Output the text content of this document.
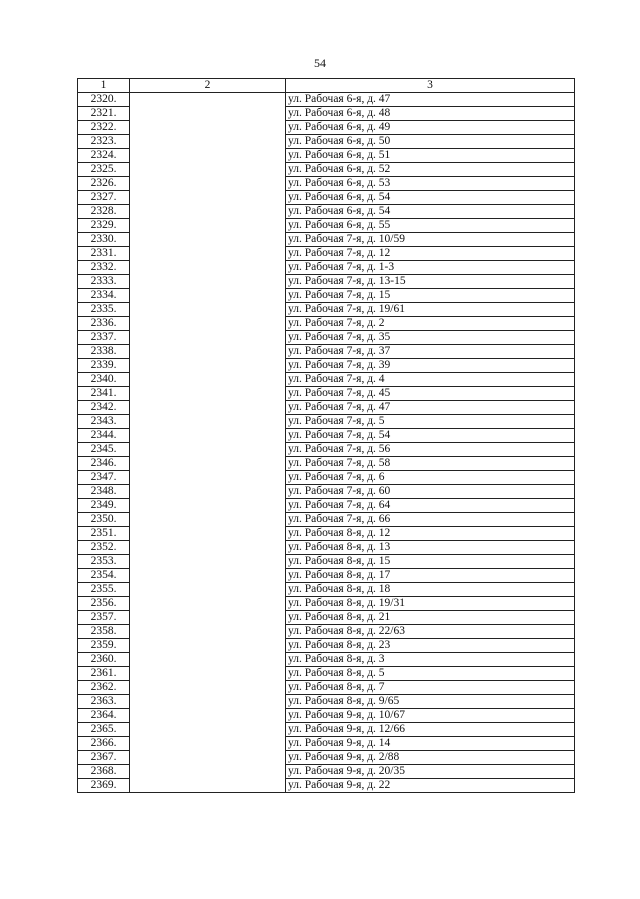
54
1	2	3
2320.		ул. Рабочая 6-я, д. 47
2321.		ул. Рабочая 6-я, д. 48
2322.		ул. Рабочая 6-я, д. 49
2323.		ул. Рабочая 6-я, д. 50
2324.		ул. Рабочая 6-я, д. 51
2325.		ул. Рабочая 6-я, д. 52
2326.		ул. Рабочая 6-я, д. 53
2327.		ул. Рабочая 6-я, д. 54
2328.		ул. Рабочая 6-я, д. 54
2329.		ул. Рабочая 6-я, д. 55
2330.		ул. Рабочая 7-я, д. 10/59
2331.		ул. Рабочая 7-я, д. 12
2332.		ул. Рабочая 7-я, д. 1-3
2333.		ул. Рабочая 7-я, д. 13-15
2334.		ул. Рабочая 7-я, д. 15
2335.		ул. Рабочая 7-я, д. 19/61
2336.		ул. Рабочая 7-я, д. 2
2337.		ул. Рабочая 7-я, д. 35
2338.		ул. Рабочая 7-я, д. 37
2339.		ул. Рабочая 7-я, д. 39
2340.		ул. Рабочая 7-я, д. 4
2341.		ул. Рабочая 7-я, д. 45
2342.		ул. Рабочая 7-я, д. 47
2343.		ул. Рабочая 7-я, д. 5
2344.		ул. Рабочая 7-я, д. 54
2345.		ул. Рабочая 7-я, д. 56
2346.		ул. Рабочая 7-я, д. 58
2347.		ул. Рабочая 7-я, д. 6
2348.		ул. Рабочая 7-я, д. 60
2349.		ул. Рабочая 7-я, д. 64
2350.		ул. Рабочая 7-я, д. 66
2351.		ул. Рабочая 8-я, д. 12
2352.		ул. Рабочая 8-я, д. 13
2353.		ул. Рабочая 8-я, д. 15
2354.		ул. Рабочая 8-я, д. 17
2355.		ул. Рабочая 8-я, д. 18
2356.		ул. Рабочая 8-я, д. 19/31
2357.		ул. Рабочая 8-я, д. 21
2358.		ул. Рабочая 8-я, д. 22/63
2359.		ул. Рабочая 8-я, д. 23
2360.		ул. Рабочая 8-я, д. 3
2361.		ул. Рабочая 8-я, д. 5
2362.		ул. Рабочая 8-я, д. 7
2363.		ул. Рабочая 8-я, д. 9/65
2364.		ул. Рабочая 9-я, д. 10/67
2365.		ул. Рабочая 9-я, д. 12/66
2366.		ул. Рабочая 9-я, д. 14
2367.		ул. Рабочая 9-я, д. 2/88
2368.		ул. Рабочая 9-я, д. 20/35
2369.		ул. Рабочая 9-я, д. 22
